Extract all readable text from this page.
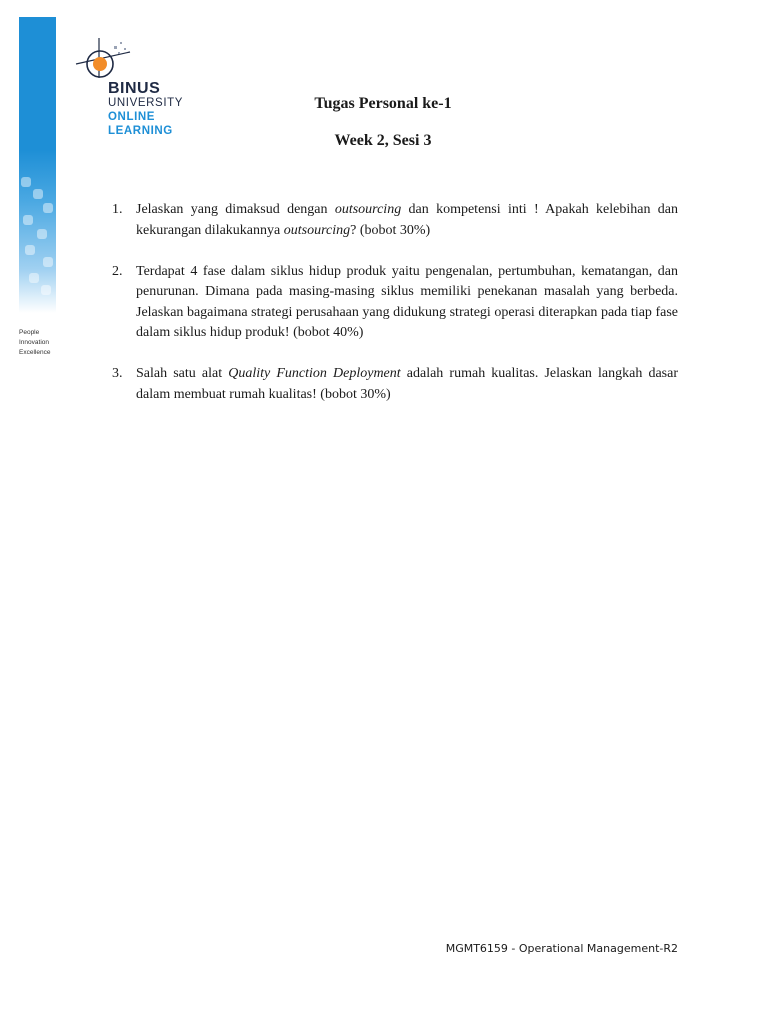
People
Innovation
Excellence
BINUS
UNIVERSITY
ONLINE
LEARNING
Tugas Personal ke-1
Week 2, Sesi 3
1. Jelaskan yang dimaksud dengan outsourcing dan kompetensi inti ! Apakah kelebihan dan kekurangan dilakukannya outsourcing? (bobot 30%)
2. Terdapat 4 fase dalam siklus hidup produk yaitu pengenalan, pertumbuhan, kematangan, dan penurunan. Dimana pada masing-masing siklus memiliki penekanan masalah yang berbeda. Jelaskan bagaimana strategi perusahaan yang didukung strategi operasi diterapkan pada tiap fase dalam siklus hidup produk! (bobot 40%)
3. Salah satu alat Quality Function Deployment adalah rumah kualitas. Jelaskan langkah dasar dalam membuat rumah kualitas! (bobot 30%)
MGMT6159 - Operational Management-R2
